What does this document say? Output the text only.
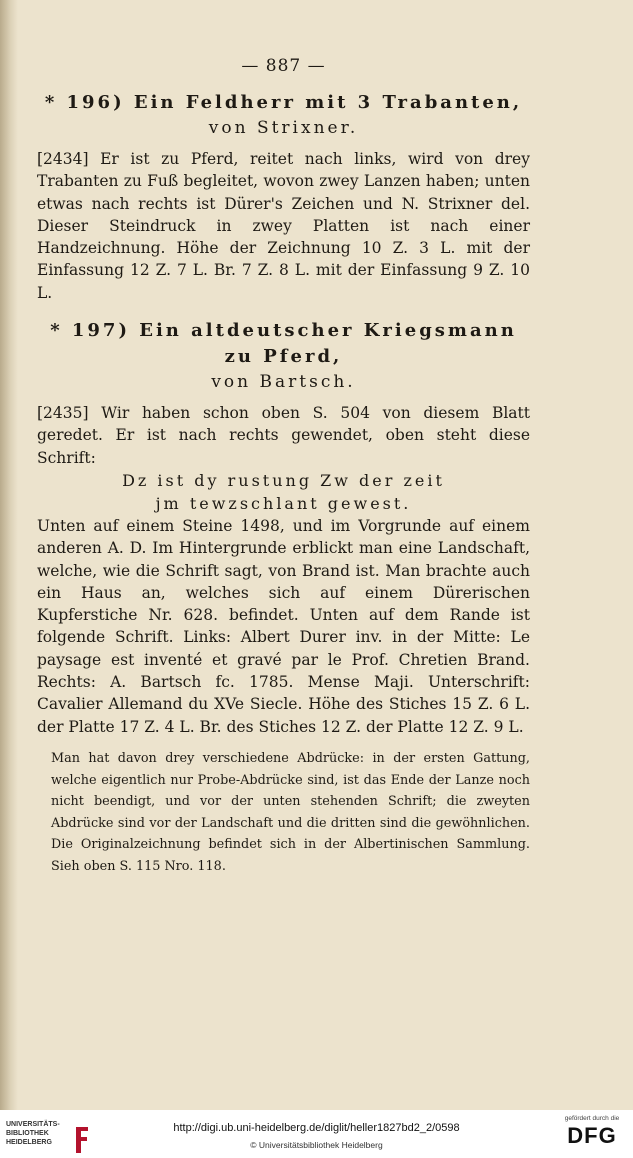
— 887 —

* 196) Ein Feldherr mit 3 Trabanten,

von Strixner.

[2434] Er ist zu Pferd, reitet nach links, wird von drey Trabanten zu Fuß begleitet, wovon zwey Lanzen haben; unten etwas nach rechts ist Dürer's Zeichen und N. Strixner del. Dieser Steindruck in zwey Platten ist nach einer Handzeichnung. Höhe der Zeichnung 10 Z. 3 L. mit der Einfassung 12 Z. 7 L. Br. 7 Z. 8 L. mit der Einfassung 9 Z. 10 L.

* 197) Ein altdeutscher Kriegsmann zu Pferd,

von Bartsch.

[2435] Wir haben schon oben S. 504 von diesem Blatt geredet. Er ist nach rechts gewendet, oben steht diese Schrift:

Dz ist dy rustung Zw der zeit

jm tewzschlant gewest.

Unten auf einem Steine 1498, und im Vorgrunde auf einem anderen A. D. Im Hintergrunde erblickt man eine Landschaft, welche, wie die Schrift sagt, von Brand ist. Man brachte auch ein Haus an, welches sich auf einem Dürerischen Kupferstiche Nr. 628. befindet. Unten auf dem Rande ist folgende Schrift. Links: Albert Durer inv. in der Mitte: Le paysage est inventé et gravé par le Prof. Chretien Brand. Rechts: A. Bartsch fc. 1785. Mense Maji. Unterschrift: Cavalier Allemand du XVe Siecle. Höhe des Stiches 15 Z. 6 L. der Platte 17 Z. 4 L. Br. des Stiches 12 Z. der Platte 12 Z. 9 L.

Man hat davon drey verschiedene Abdrücke: in der ersten Gattung, welche eigentlich nur Probe-Abdrücke sind, ist das Ende der Lanze noch nicht beendigt, und vor der unten stehenden Schrift; die zweyten Abdrücke sind vor der Landschaft und die dritten sind die gewöhnlichen. Die Originalzeichnung befindet sich in der Albertinischen Sammlung. Sieh oben S. 115 Nro. 118.

UNIVERSITÄTS-
BIBLIOTHEK
HEIDELBERG
http://digi.ub.uni-heidelberg.de/diglit/heller1827bd2_2/0598
© Universitätsbibliothek Heidelberg
gefördert durch die
DFG
